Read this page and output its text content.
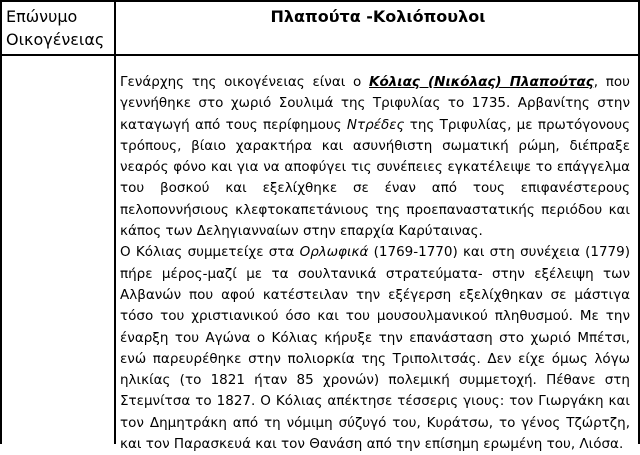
Επώνυμο
Οικογένειας
Πλαπούτα -Κολιόπουλοι

Γενάρχης της οικογένειας είναι ο Κόλιας (Νικόλας) Πλαπούτας, που γεννήθηκε στο χωριό Σουλιμά της Τριφυλίας το 1735. Αρβανίτης στην καταγωγή από τους περίφημους Ντρέδες της Τριφυλίας, με πρωτόγονους τρόπους, βίαιο χαρακτήρα και ασυνήθιστη σωματική ρώμη, διέπραξε νεαρός φόνο και για να αποφύγει τις συνέπειες εγκατέλειψε το επάγγελμα του βοσκού και εξελίχθηκε σε έναν από τους επιφανέστερους πελοποννήσιους κλεφτοκαπετάνιους της προεπαναστατικής περιόδου και κάπος των Δεληγιανναίων στην επαρχία Καρύταινας.

Ο Κόλιας συμμετείχε στα Ορλωφικά (1769-1770) και στη συνέχεια (1779) πήρε μέρος-μαζί με τα σουλτανικά στρατεύματα- στην εξέλειψη των Αλβανών που αφού κατέστειλαν την εξέγερση εξελίχθηκαν σε μάστιγα τόσο του χριστιανικού όσο και του μουσουλμανικού πληθυσμού. Με την έναρξη του Αγώνα ο Κόλιας κήρυξε την επανάσταση στο χωριό Μπέτσι, ενώ παρευρέθηκε στην πολιορκία της Τριπολιτσάς. Δεν είχε όμως λόγω ηλικίας (το 1821 ήταν 85 χρονών) πολεμική συμμετοχή. Πέθανε στη Στεμνίτσα το 1827. Ο Κόλιας απέκτησε τέσσερις γιους: τον Γιωργάκη και τον Δημητράκη από τη νόμιμη σύζυγό του, Κυράτσω, το γένος Τζώρτζη, και τον Παρασκευά και τον Θανάση από την επίσημη ερωμένη του, Λιόσα.
